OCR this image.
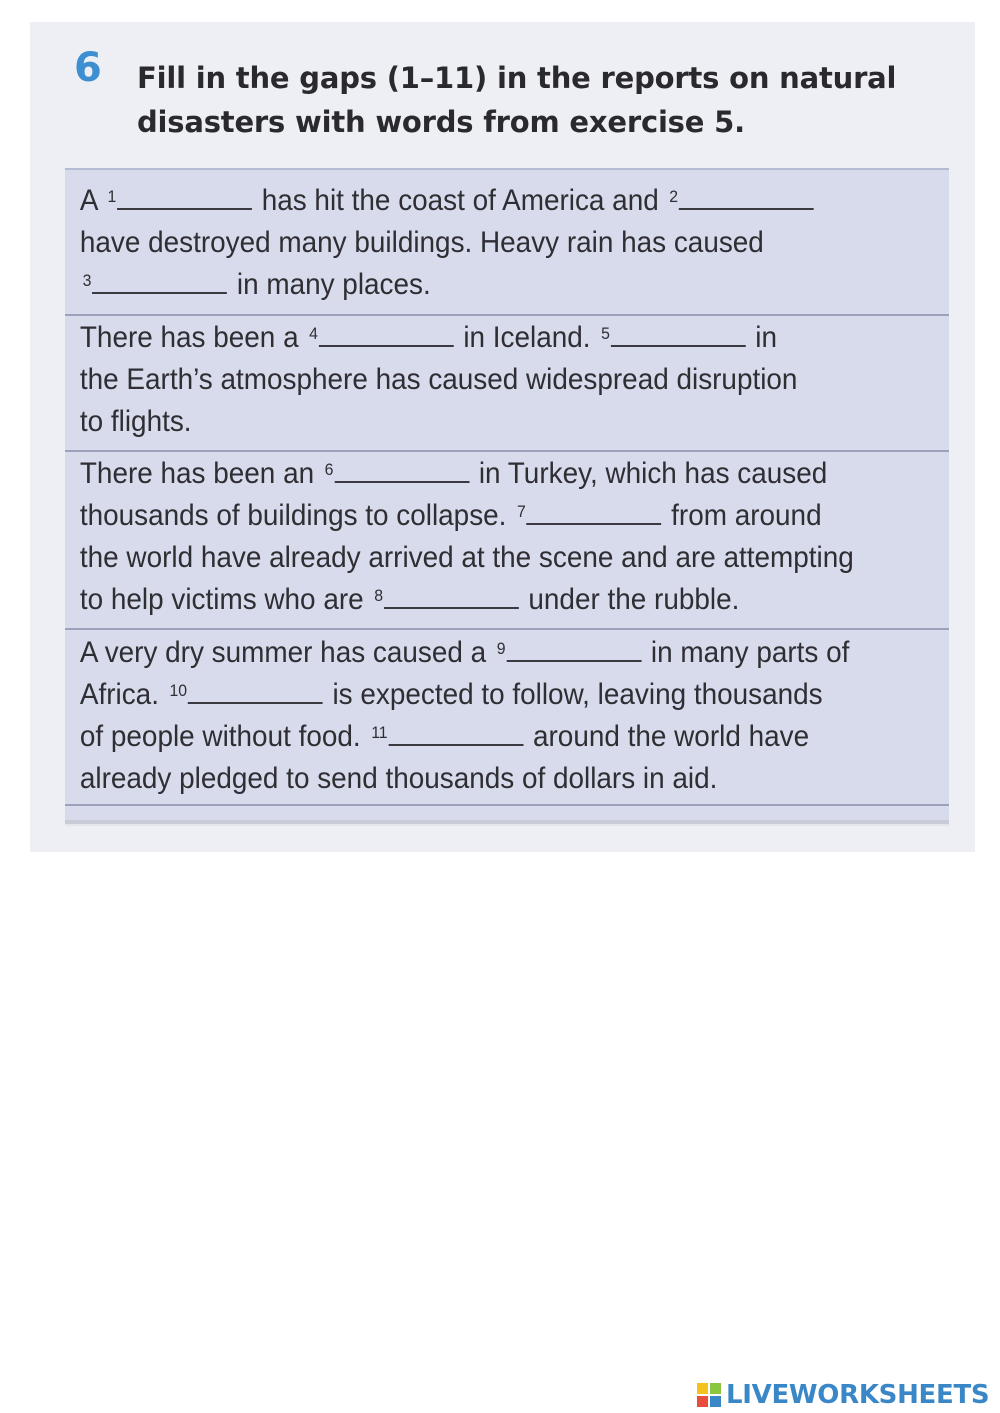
6 Fill in the gaps (1–11) in the reports on natural
disasters with words from exercise 5.

A $^1$	has hit the coast of America and $^2$

have destroyed many buildings. Heavy rain has caused

$^3$	in many places.

There has been a $^4$	in Iceland. $^5$	in

the Earth’s atmosphere has caused widespread disruption

to flights.

There has been an $^6$	in Turkey, which has caused

thousands of buildings to collapse. $^7$	from around

the world have already arrived at the scene and are attempting

to help victims who are $^8$	under the rubble.

A very dry summer has caused a $^9$	in many parts of

Africa. $^{10}$	is expected to follow, leaving thousands

of people without food. $^{11}$	around the world have

already pledged to send thousands of dollars in aid.

LIVEWORKSHEETS
